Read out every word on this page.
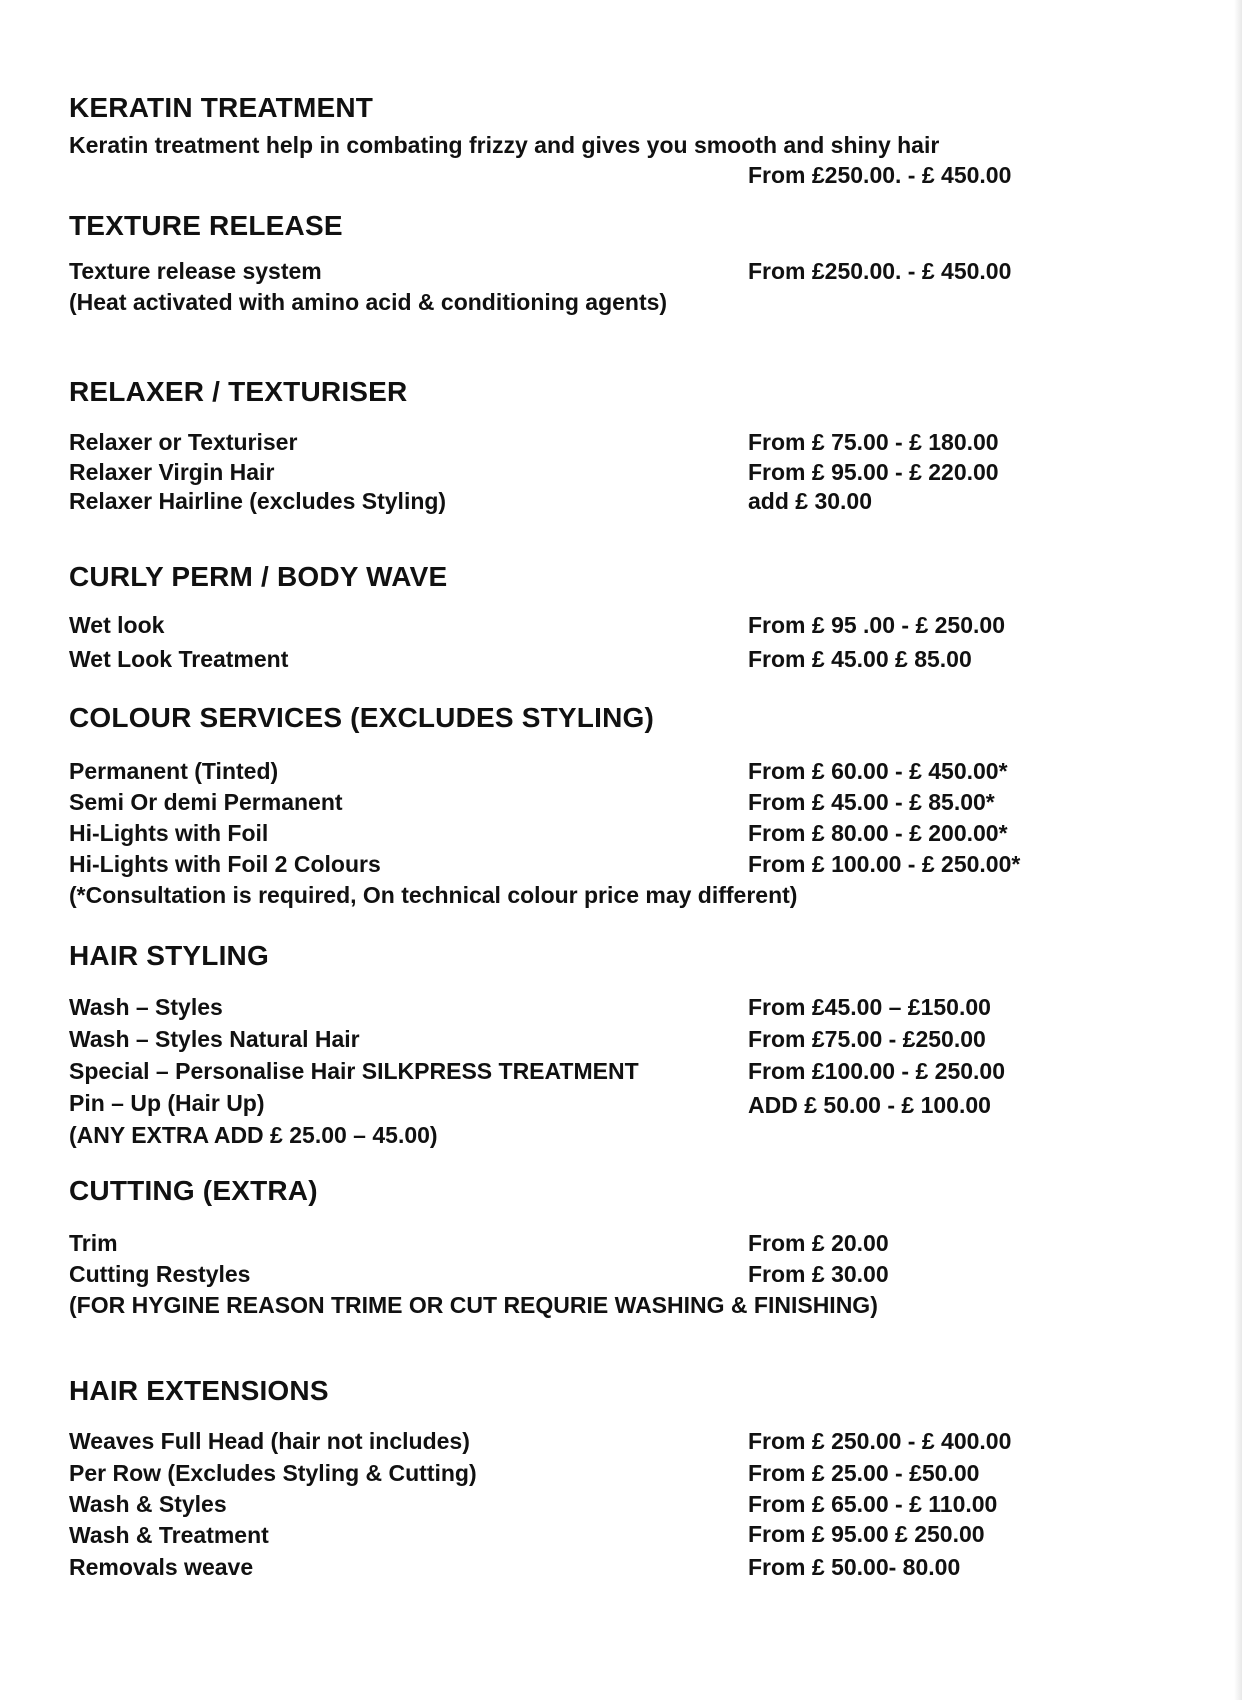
KERATIN TREATMENT
Keratin treatment help in combating frizzy and gives you smooth and shiny hair
From £250.00. - £ 450.00
TEXTURE RELEASE
Texture release system	From £250.00. - £ 450.00
(Heat activated with amino acid & conditioning agents)
RELAXER / TEXTURISER
Relaxer or Texturiser	From £ 75.00 - £ 180.00
Relaxer Virgin Hair	From £ 95.00 - £ 220.00
Relaxer Hairline (excludes Styling)	add £ 30.00
CURLY PERM / BODY WAVE
Wet look	From £ 95 .00 - £ 250.00
Wet Look Treatment	From £ 45.00 £ 85.00
COLOUR SERVICES (EXCLUDES STYLING)
Permanent (Tinted)	From £ 60.00 - £ 450.00*
Semi Or demi Permanent	From £ 45.00 - £ 85.00*
Hi-Lights with Foil	From £ 80.00 - £ 200.00*
Hi-Lights with Foil 2 Colours	From £ 100.00 - £ 250.00*
(*Consultation is required, On technical colour price may different)
HAIR STYLING
Wash – Styles	From £45.00 – £150.00
Wash – Styles Natural Hair	From £75.00 - £250.00
Special – Personalise Hair SILKPRESS TREATMENT	From £100.00 - £ 250.00
Pin – Up (Hair Up)	ADD £ 50.00 - £ 100.00
(ANY EXTRA ADD £ 25.00 – 45.00)
CUTTING (EXTRA)
Trim	From £ 20.00
Cutting Restyles	From £ 30.00
(FOR HYGINE REASON TRIME OR CUT REQURIE WASHING & FINISHING)
HAIR EXTENSIONS
Weaves Full Head (hair not includes)	From £ 250.00 - £ 400.00
Per Row (Excludes Styling & Cutting)	From £ 25.00 - £50.00
Wash & Styles	From £ 65.00 - £ 110.00
Wash & Treatment	From £ 95.00 £ 250.00
Removals weave	From £ 50.00- 80.00
